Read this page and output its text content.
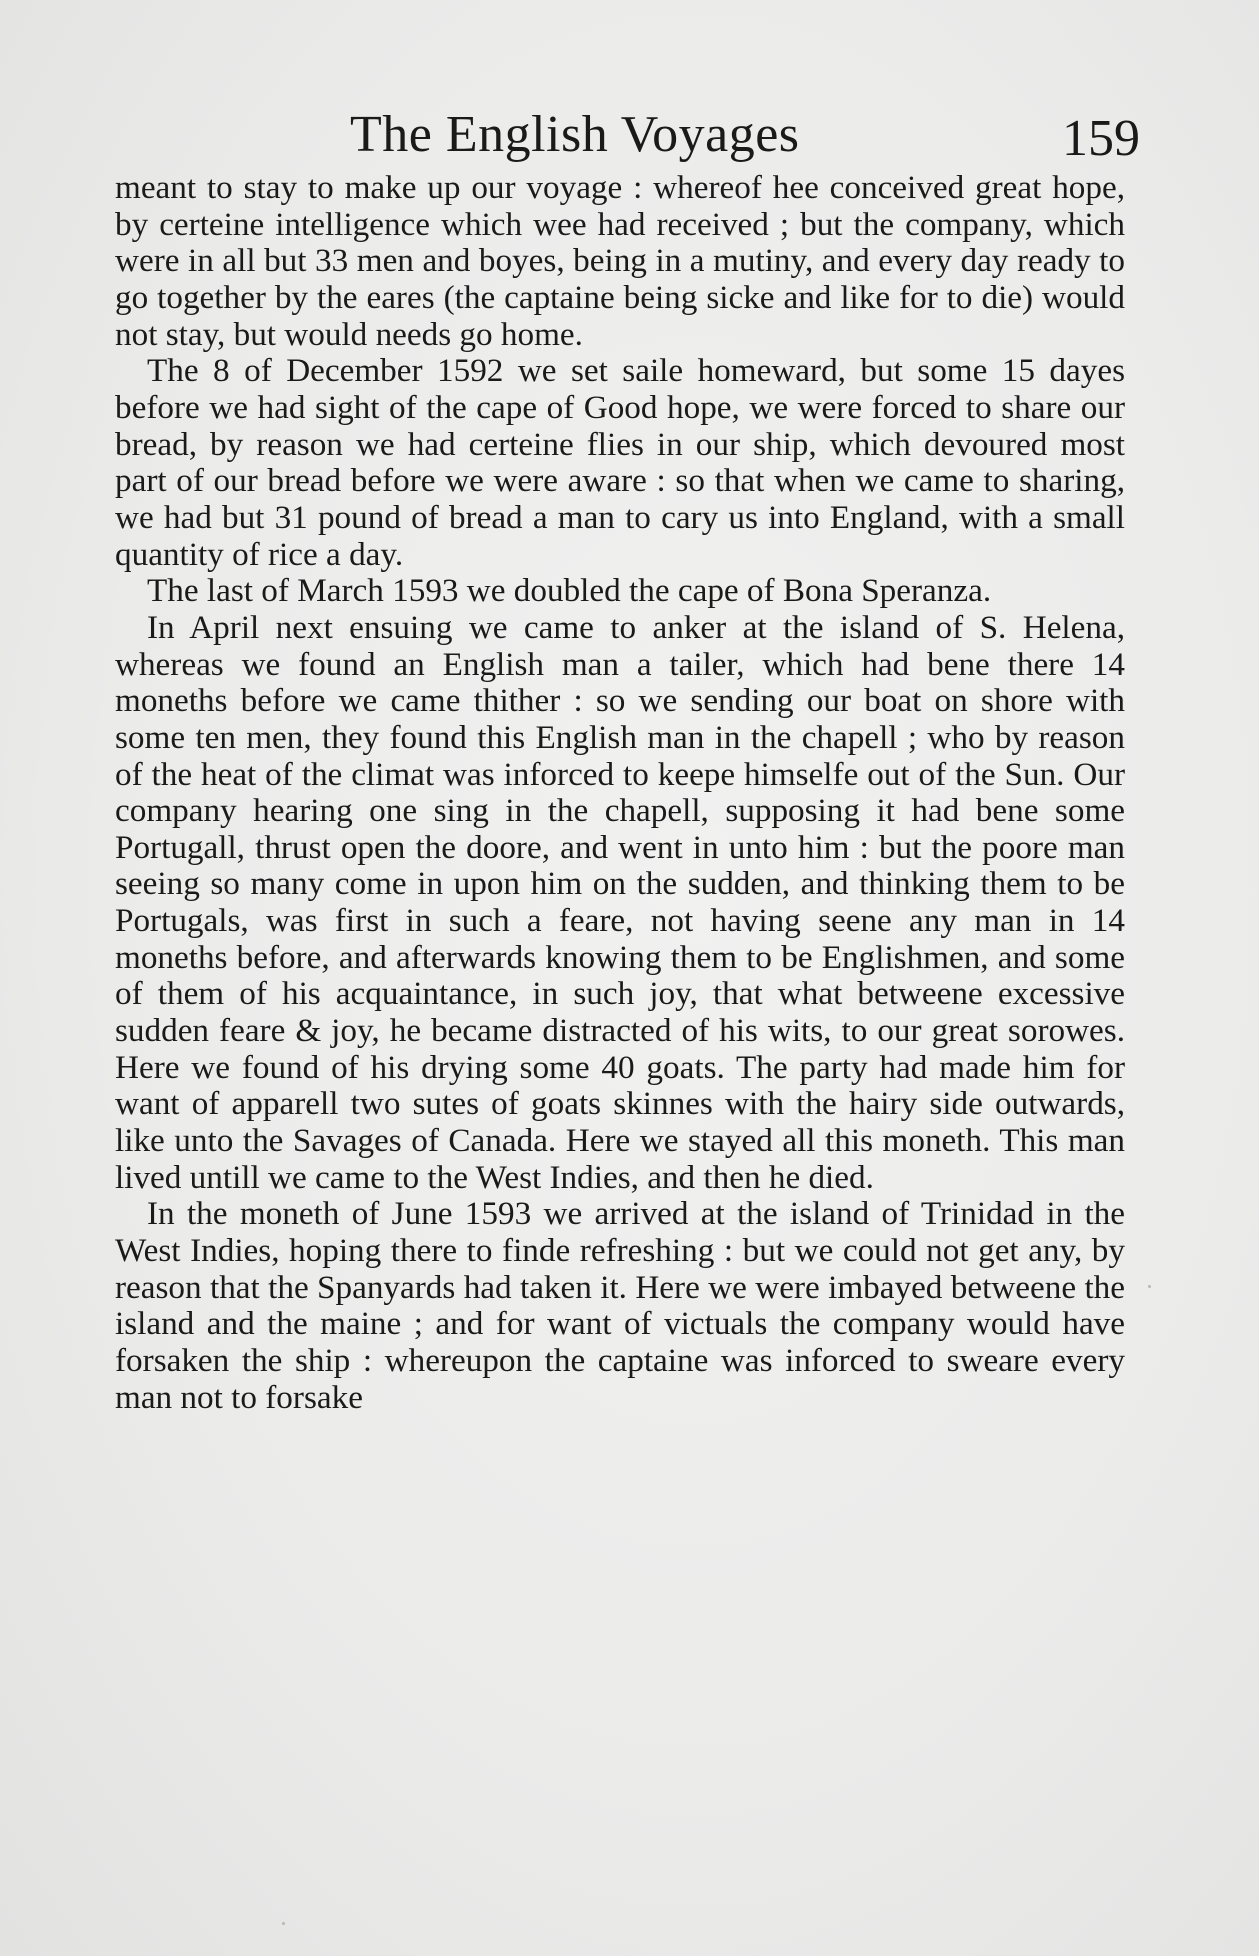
The English Voyages	159

meant to stay to make up our voyage : whereof hee conceived great hope, by certeine intelligence which wee had received ; but the company, which were in all but 33 men and boyes, being in a mutiny, and every day ready to go together by the eares (the captaine being sicke and like for to die) would not stay, but would needs go home.

The 8 of December 1592 we set saile homeward, but some 15 dayes before we had sight of the cape of Good hope, we were forced to share our bread, by reason we had certeine flies in our ship, which devoured most part of our bread before we were aware : so that when we came to sharing, we had but 31 pound of bread a man to cary us into England, with a small quantity of rice a day.

The last of March 1593 we doubled the cape of Bona Speranza.

In April next ensuing we came to anker at the island of S. Helena, whereas we found an English man a tailer, which had bene there 14 moneths before we came thither : so we sending our boat on shore with some ten men, they found this English man in the chapell ; who by reason of the heat of the climat was inforced to keepe himselfe out of the Sun. Our company hearing one sing in the chapell, supposing it had bene some Portugall, thrust open the doore, and went in unto him : but the poore man seeing so many come in upon him on the sudden, and thinking them to be Portugals, was first in such a feare, not having seene any man in 14 moneths before, and afterwards knowing them to be Englishmen, and some of them of his acquaintance, in such joy, that what betweene excessive sudden feare & joy, he became distracted of his wits, to our great sorowes. Here we found of his drying some 40 goats. The party had made him for want of apparell two sutes of goats skinnes with the hairy side outwards, like unto the Savages of Canada. Here we stayed all this moneth. This man lived untill we came to the West Indies, and then he died.

In the moneth of June 1593 we arrived at the island of Trinidad in the West Indies, hoping there to finde refreshing : but we could not get any, by reason that the Spanyards had taken it. Here we were imbayed betweene the island and the maine ; and for want of victuals the company would have forsaken the ship : whereupon the captaine was inforced to sweare every man not to forsake
